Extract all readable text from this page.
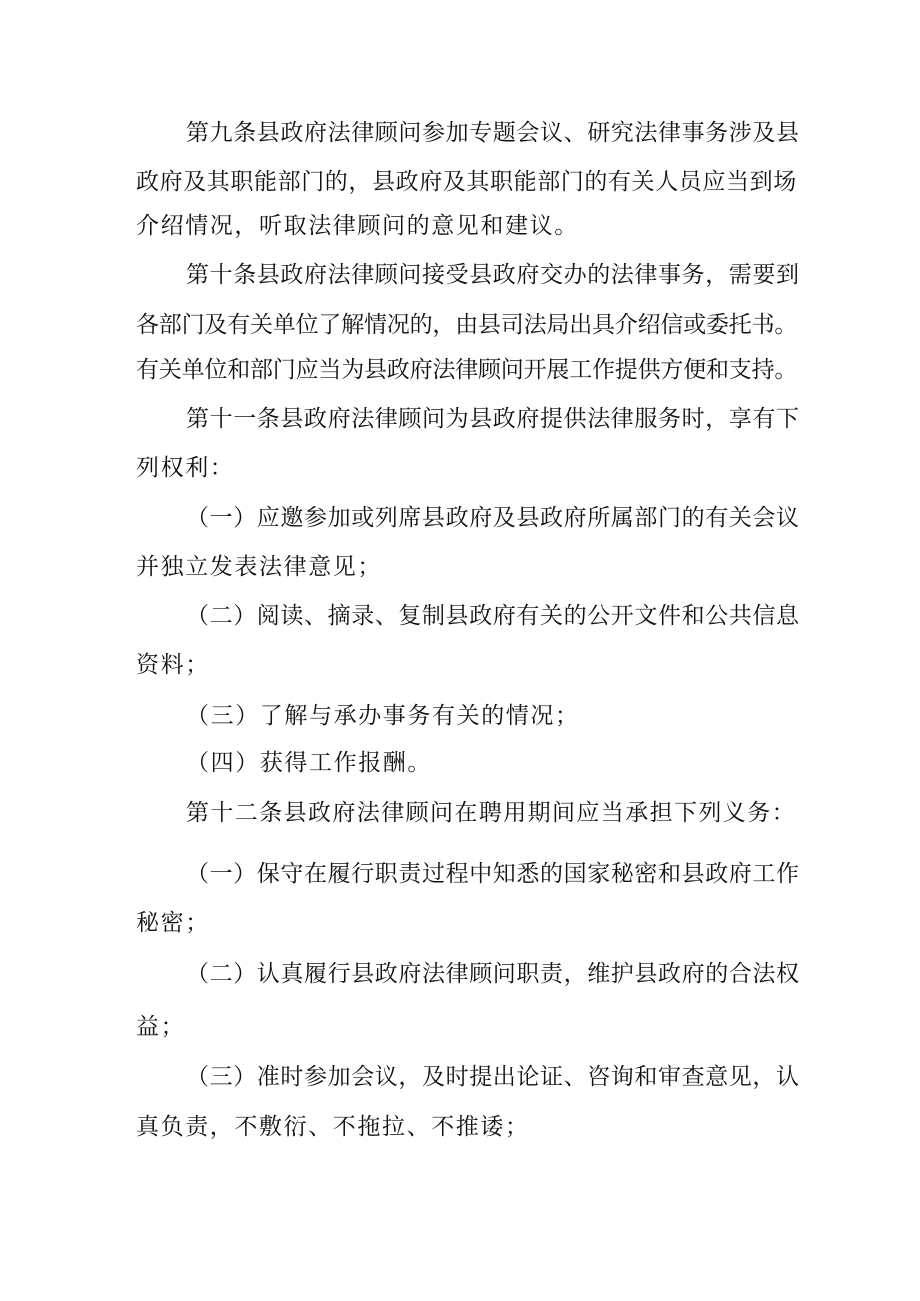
第九条县政府法律顾问参加专题会议、研究法律事务涉及县

政府及其职能部门的，县政府及其职能部门的有关人员应当到场

介绍情况，听取法律顾问的意见和建议。

第十条县政府法律顾问接受县政府交办的法律事务，需要到

各部门及有关单位了解情况的，由县司法局出具介绍信或委托书。

有关单位和部门应当为县政府法律顾问开展工作提供方便和支持。

第十一条县政府法律顾问为县政府提供法律服务时，享有下

列权利：

（一）应邀参加或列席县政府及县政府所属部门的有关会议

并独立发表法律意见；

（二）阅读、摘录、复制县政府有关的公开文件和公共信息

资料；

（三）了解与承办事务有关的情况；

（四）获得工作报酬。

第十二条县政府法律顾问在聘用期间应当承担下列义务：

（一）保守在履行职责过程中知悉的国家秘密和县政府工作

秘密；

（二）认真履行县政府法律顾问职责，维护县政府的合法权

益；

（三）准时参加会议，及时提出论证、咨询和审查意见，认

真负责，不敷衍、不拖拉、不推诿；
